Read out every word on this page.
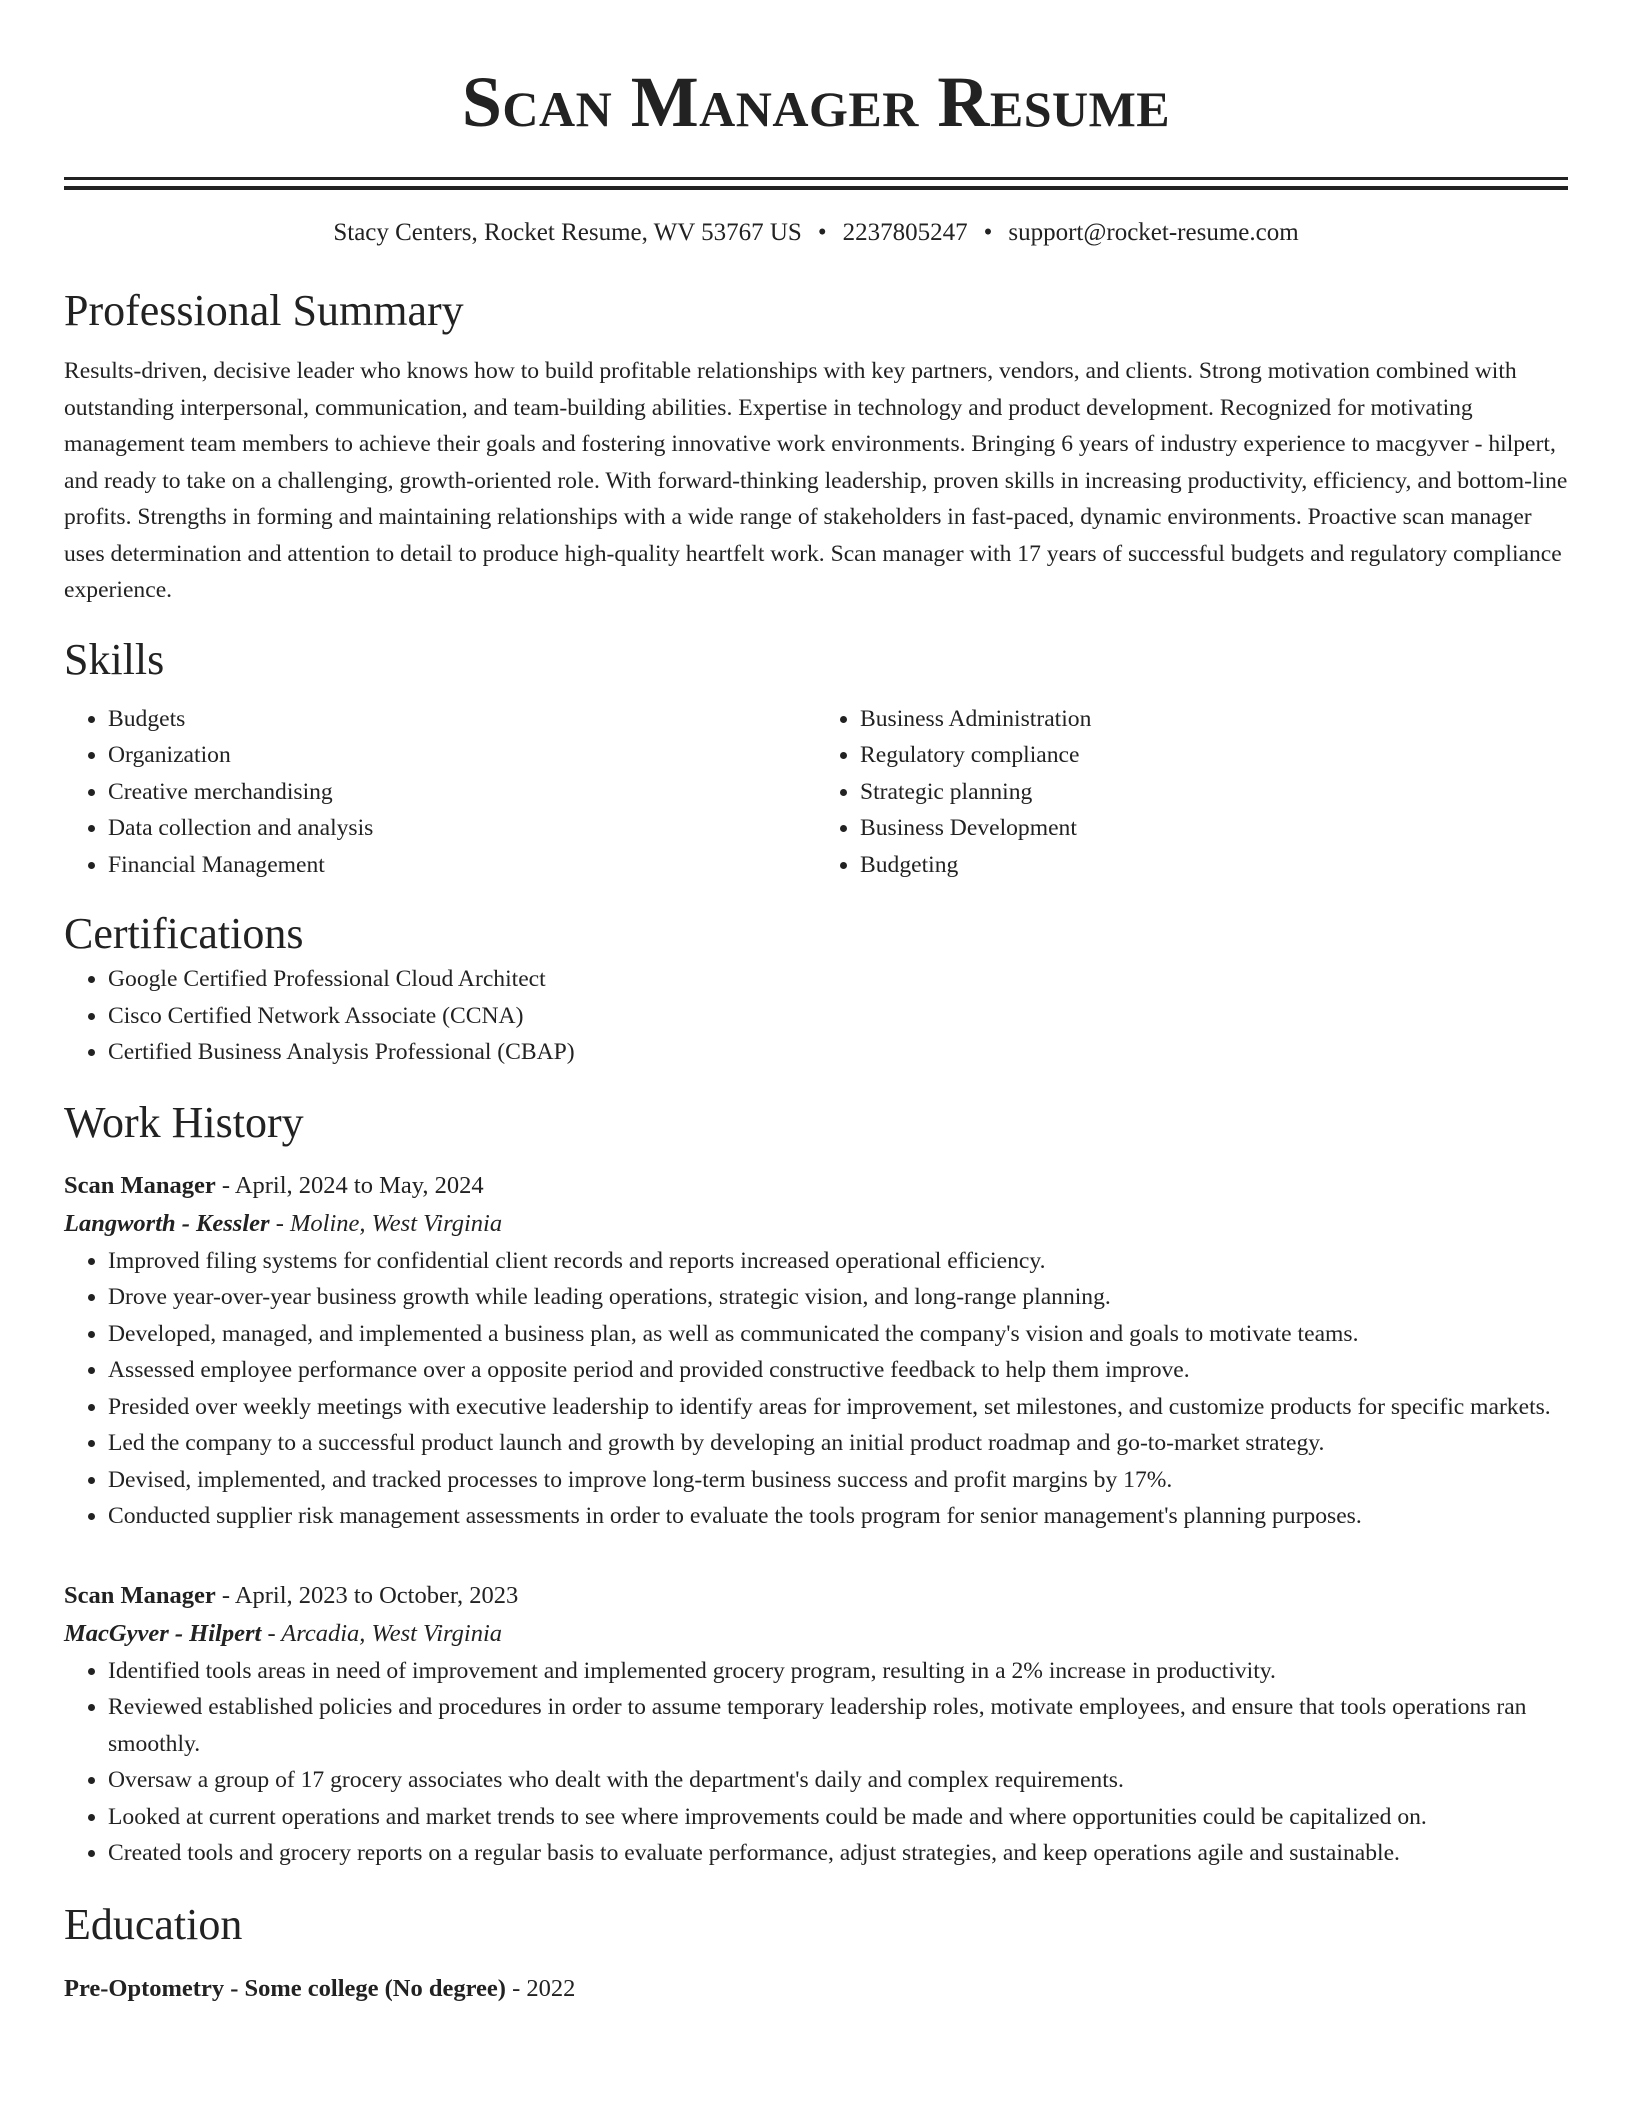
Scan Manager Resume
Stacy Centers, Rocket Resume, WV 53767 US • 2237805247 • support@rocket-resume.com
Professional Summary

Results-driven, decisive leader who knows how to build profitable relationships with key partners, vendors, and clients. Strong motivation combined with outstanding interpersonal, communication, and team-building abilities. Expertise in technology and product development. Recognized for motivating management team members to achieve their goals and fostering innovative work environments. Bringing 6 years of industry experience to macgyver - hilpert, and ready to take on a challenging, growth-oriented role. With forward-thinking leadership, proven skills in increasing productivity, efficiency, and bottom-line profits. Strengths in forming and maintaining relationships with a wide range of stakeholders in fast-paced, dynamic environments. Proactive scan manager uses determination and attention to detail to produce high-quality heartfelt work. Scan manager with 17 years of successful budgets and regulatory compliance experience.

Skills
• Budgets
• Organization
• Creative merchandising
• Data collection and analysis
• Financial Management
• Business Administration
• Regulatory compliance
• Strategic planning
• Business Development
• Budgeting
Certifications
• Google Certified Professional Cloud Architect
• Cisco Certified Network Associate (CCNA)
• Certified Business Analysis Professional (CBAP)
Work History
Scan Manager - April, 2024 to May, 2024
Langworth - Kessler - Moline, West Virginia
• Improved filing systems for confidential client records and reports increased operational efficiency.
• Drove year-over-year business growth while leading operations, strategic vision, and long-range planning.
• Developed, managed, and implemented a business plan, as well as communicated the company's vision and goals to motivate teams.
• Assessed employee performance over a opposite period and provided constructive feedback to help them improve.
• Presided over weekly meetings with executive leadership to identify areas for improvement, set milestones, and customize products for specific markets.
• Led the company to a successful product launch and growth by developing an initial product roadmap and go-to-market strategy.
• Devised, implemented, and tracked processes to improve long-term business success and profit margins by 17%.
• Conducted supplier risk management assessments in order to evaluate the tools program for senior management's planning purposes.
Scan Manager - April, 2023 to October, 2023
MacGyver - Hilpert - Arcadia, West Virginia
• Identified tools areas in need of improvement and implemented grocery program, resulting in a 2% increase in productivity.
• Reviewed established policies and procedures in order to assume temporary leadership roles, motivate employees, and ensure that tools operations ran smoothly.
• Oversaw a group of 17 grocery associates who dealt with the department's daily and complex requirements.
• Looked at current operations and market trends to see where improvements could be made and where opportunities could be capitalized on.
• Created tools and grocery reports on a regular basis to evaluate performance, adjust strategies, and keep operations agile and sustainable.
Education
Pre-Optometry - Some college (No degree) - 2022
